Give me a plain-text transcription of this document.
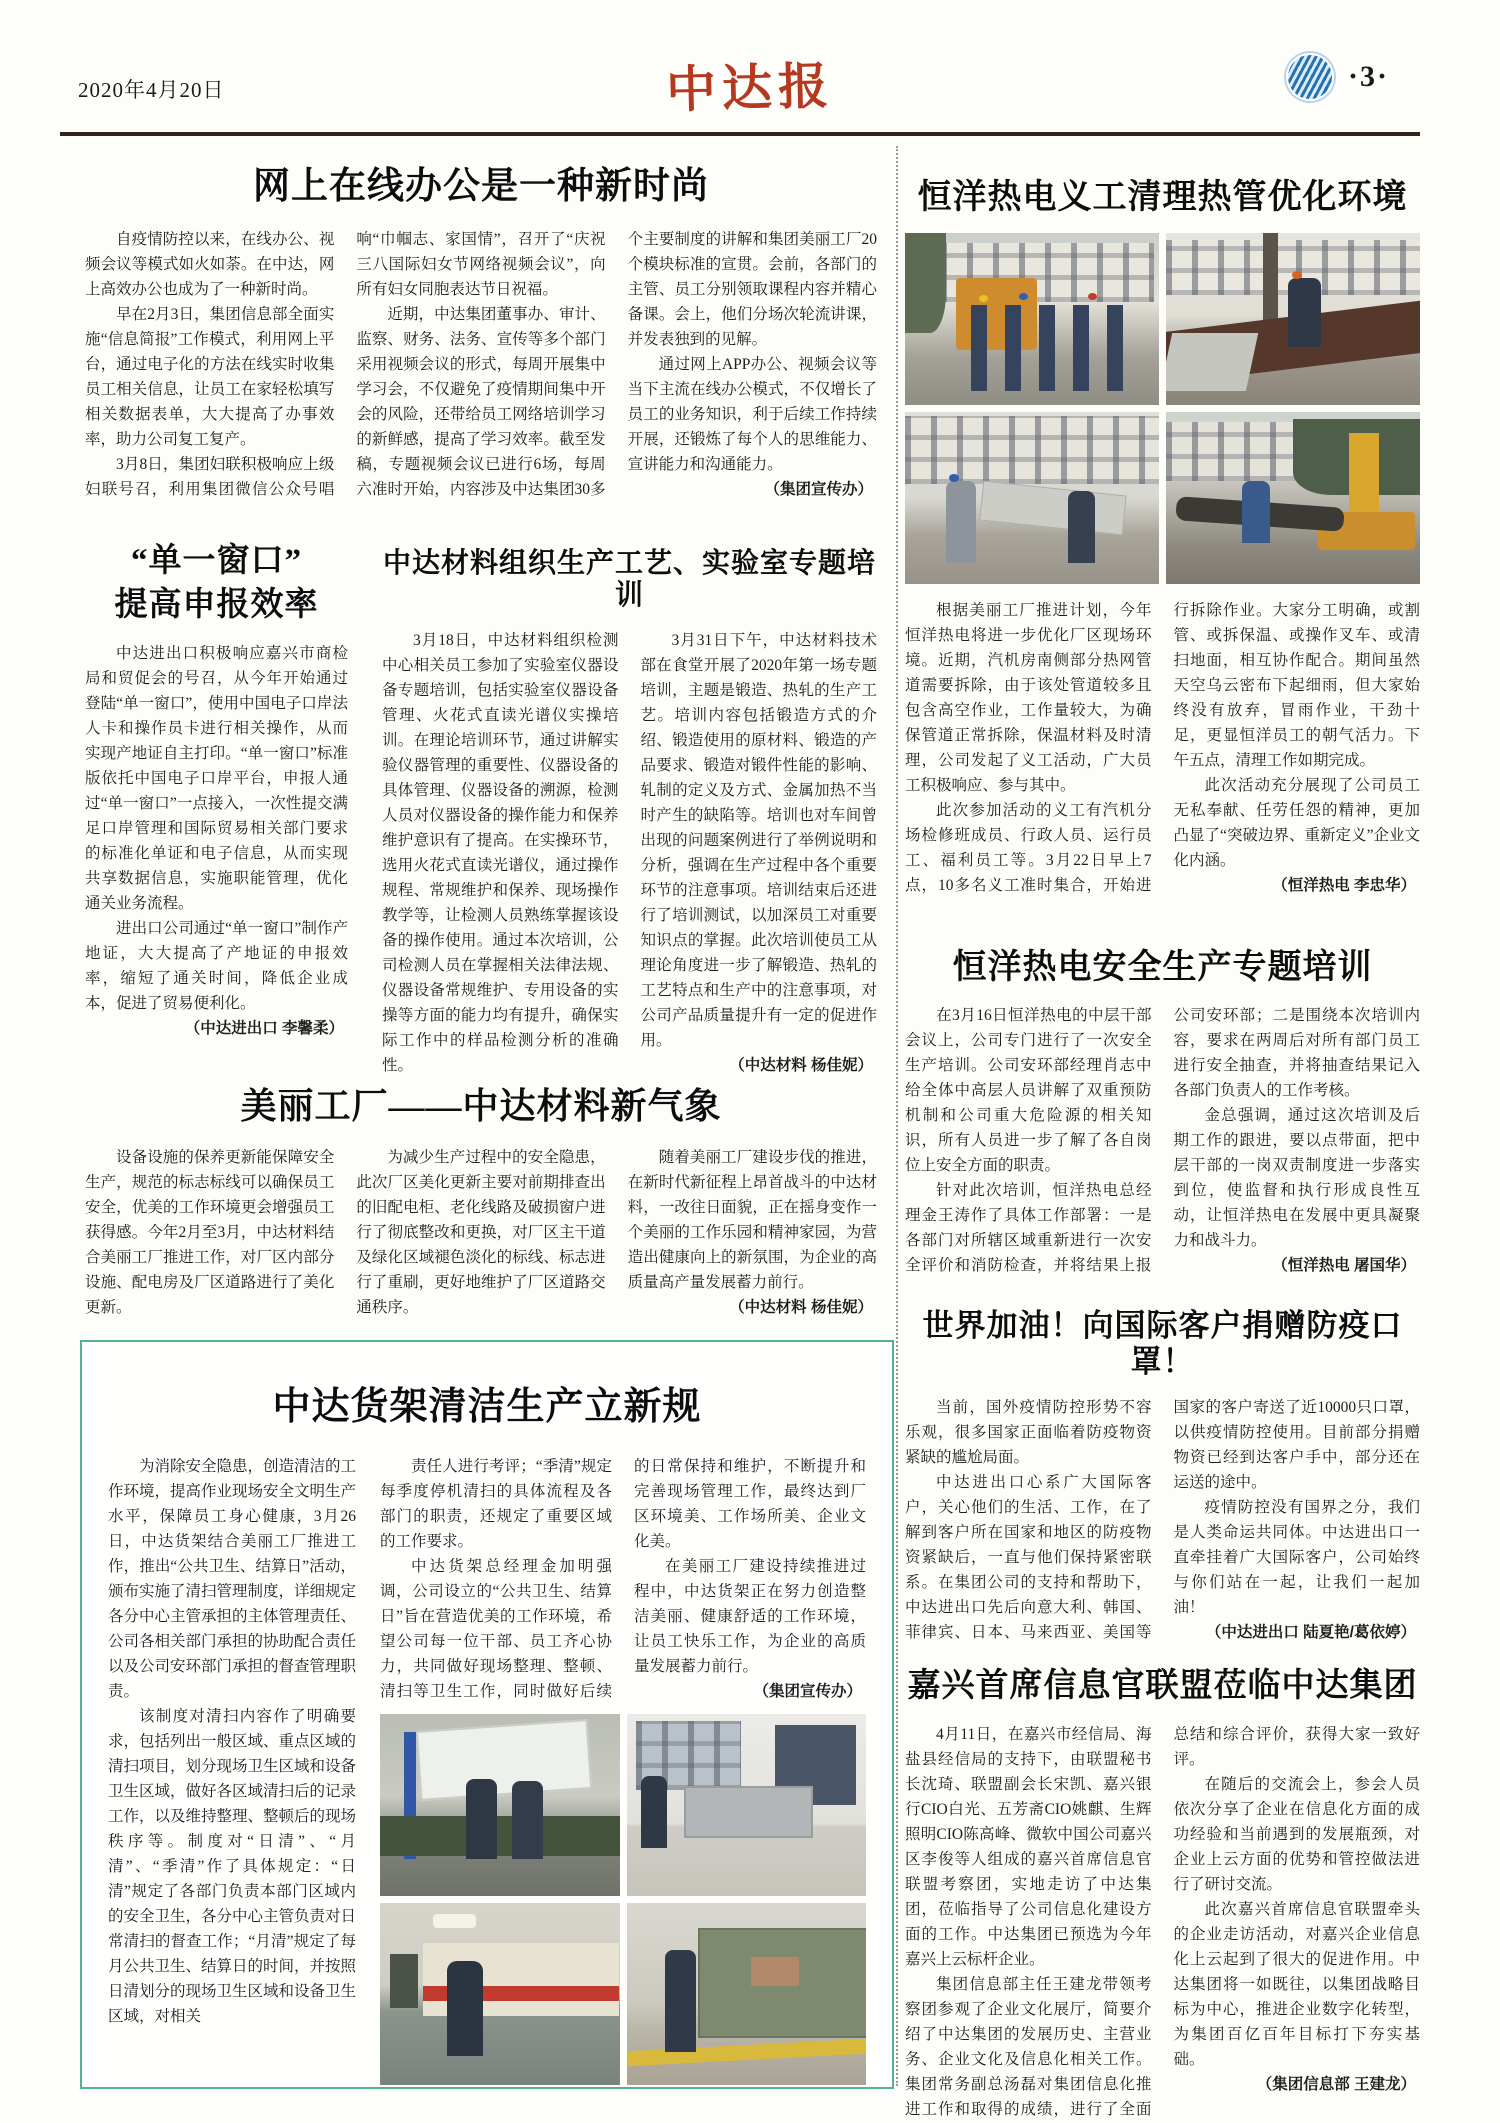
2020年4月20日	中达报	·3·
网上在线办公是一种新时尚

自疫情防控以来，在线办公、视频会议等模式如火如荼。在中达，网上高效办公也成为了一种新时尚。

早在2月3日，集团信息部全面实施“信息简报”工作模式，利用网上平台，通过电子化的方法在线实时收集员工相关信息，让员工在家轻松填写相关数据表单，大大提高了办事效率，助力公司复工复产。

3月8日，集团妇联积极响应上级妇联号召，利用集团微信公众号唱响“巾帼志、家国情”，召开了“庆祝三八国际妇女节网络视频会议”，向所有妇女同胞表达节日祝福。

近期，中达集团董事办、审计、监察、财务、法务、宣传等多个部门采用视频会议的形式，每周开展集中学习会，不仅避免了疫情期间集中开会的风险，还带给员工网络培训学习的新鲜感，提高了学习效率。截至发稿，专题视频会议已进行6场，每周六准时开始，内容涉及中达集团30多个主要制度的讲解和集团美丽工厂20个模块标准的宣贯。会前，各部门的主管、员工分别领取课程内容并精心备课。会上，他们分场次轮流讲课，并发表独到的见解。

通过网上APP办公、视频会议等当下主流在线办公模式，不仅增长了员工的业务知识，利于后续工作持续开展，还锻炼了每个人的思维能力、宣讲能力和沟通能力。

（集团宣传办）

“单一窗口”
提高申报效率

中达进出口积极响应嘉兴市商检局和贸促会的号召，从今年开始通过登陆“单一窗口”，使用中国电子口岸法人卡和操作员卡进行相关操作，从而实现产地证自主打印。“单一窗口”标准版依托中国电子口岸平台，申报人通过“单一窗口”一点接入，一次性提交满足口岸管理和国际贸易相关部门要求的标准化单证和电子信息，从而实现共享数据信息，实施职能管理，优化通关业务流程。

进出口公司通过“单一窗口”制作产地证，大大提高了产地证的申报效率，缩短了通关时间，降低企业成本，促进了贸易便利化。

（中达进出口 李馨柔）

中达材料组织生产工艺、实验室专题培训

3月18日，中达材料组织检测中心相关员工参加了实验室仪器设备专题培训，包括实验室仪器设备管理、火花式直读光谱仪实操培训。在理论培训环节，通过讲解实验仪器管理的重要性、仪器设备的具体管理、仪器设备的溯源，检测人员对仪器设备的操作能力和保养维护意识有了提高。在实操环节，选用火花式直读光谱仪，通过操作规程、常规维护和保养、现场操作教学等，让检测人员熟练掌握该设备的操作使用。通过本次培训，公司检测人员在掌握相关法律法规、仪器设备常规维护、专用设备的实操等方面的能力均有提升，确保实际工作中的样品检测分析的准确性。

3月31日下午，中达材料技术部在食堂开展了2020年第一场专题培训，主题是锻造、热轧的生产工艺。培训内容包括锻造方式的介绍、锻造使用的原材料、锻造的产品要求、锻造对锻件性能的影响、轧制的定义及方式、金属加热不当时产生的缺陷等。培训也对车间曾出现的问题案例进行了举例说明和分析，强调在生产过程中各个重要环节的注意事项。培训结束后还进行了培训测试，以加深员工对重要知识点的掌握。此次培训使员工从理论角度进一步了解锻造、热轧的工艺特点和生产中的注意事项，对公司产品质量提升有一定的促进作用。

（中达材料 杨佳妮）

美丽工厂——中达材料新气象

设备设施的保养更新能保障安全生产，规范的标志标线可以确保员工安全，优美的工作环境更会增强员工获得感。今年2月至3月，中达材料结合美丽工厂推进工作，对厂区内部分设施、配电房及厂区道路进行了美化更新。

为减少生产过程中的安全隐患，此次厂区美化更新主要对前期排查出的旧配电柜、老化线路及破损窗户进行了彻底整改和更换，对厂区主干道及绿化区域褪色淡化的标线、标志进行了重刷，更好地维护了厂区道路交通秩序。

随着美丽工厂建设步伐的推进，在新时代新征程上昂首战斗的中达材料，一改往日面貌，正在摇身变作一个美丽的工作乐园和精神家园，为营造出健康向上的新氛围，为企业的高质量高产量发展蓄力前行。

（中达材料 杨佳妮）

中达货架清洁生产立新规

为消除安全隐患，创造清洁的工作环境，提高作业现场安全文明生产水平，保障员工身心健康，3月26日，中达货架结合美丽工厂推进工作，推出“公共卫生、结算日”活动，颁布实施了清扫管理制度，详细规定各分中心主管承担的主体管理责任、公司各相关部门承担的协助配合责任以及公司安环部门承担的督查管理职责。

该制度对清扫内容作了明确要求，包括列出一般区域、重点区域的清扫项目，划分现场卫生区域和设备卫生区域，做好各区域清扫后的记录工作，以及维持整理、整顿后的现场秩序等。制度对“日清”、“月清”、“季清”作了具体规定：“日清”规定了各部门负责本部门区域内的安全卫生，各分中心主管负责对日常清扫的督查工作；“月清”规定了每月公共卫生、结算日的时间，并按照日清划分的现场卫生区域和设备卫生区域，对相关

责任人进行考评；“季清”规定每季度停机清扫的具体流程及各部门的职责，还规定了重要区域的工作要求。

中达货架总经理金加明强调，公司设立的“公共卫生、结算日”旨在营造优美的工作环境，希望公司每一位干部、员工齐心协力，共同做好现场整理、整顿、清扫等卫生工作，同时做好后续的日常保持和维护，不断提升和完善现场管理工作，最终达到厂区环境美、工作场所美、企业文化美。

在美丽工厂建设持续推进过程中，中达货架正在努力创造整洁美丽、健康舒适的工作环境，让员工快乐工作，为企业的高质量发展蓄力前行。

（集团宣传办）

恒洋热电义工清理热管优化环境

根据美丽工厂推进计划，今年恒洋热电将进一步优化厂区现场环境。近期，汽机房南侧部分热网管道需要拆除，由于该处管道较多且包含高空作业，工作量较大，为确保管道正常拆除，保温材料及时清理，公司发起了义工活动，广大员工积极响应、参与其中。

此次参加活动的义工有汽机分场检修班成员、行政人员、运行员工、福利员工等。3月22日早上7点，10多名义工准时集合，开始进行拆除作业。大家分工明确，或割管、或拆保温、或操作叉车、或清扫地面，相互协作配合。期间虽然天空乌云密布下起细雨，但大家始终没有放弃，冒雨作业，干劲十足，更显恒洋员工的朝气活力。下午五点，清理工作如期完成。

此次活动充分展现了公司员工无私奉献、任劳任怨的精神，更加凸显了“突破边界、重新定义”企业文化内涵。

（恒洋热电 李忠华）

恒洋热电安全生产专题培训

在3月16日恒洋热电的中层干部会议上，公司专门进行了一次安全生产培训。公司安环部经理肖志中给全体中高层人员讲解了双重预防机制和公司重大危险源的相关知识，所有人员进一步了解了各自岗位上安全方面的职责。

针对此次培训，恒洋热电总经理金王涛作了具体工作部署：一是各部门对所辖区域重新进行一次安全评价和消防检查，并将结果上报公司安环部；二是围绕本次培训内容，要求在两周后对所有部门员工进行安全抽查，并将抽查结果记入各部门负责人的工作考核。

金总强调，通过这次培训及后期工作的跟进，要以点带面，把中层干部的一岗双责制度进一步落实到位，使监督和执行形成良性互动，让恒洋热电在发展中更具凝聚力和战斗力。

（恒洋热电 屠国华）

世界加油！向国际客户捐赠防疫口罩！

当前，国外疫情防控形势不容乐观，很多国家正面临着防疫物资紧缺的尴尬局面。

中达进出口心系广大国际客户，关心他们的生活、工作，在了解到客户所在国家和地区的防疫物资紧缺后，一直与他们保持紧密联系。在集团公司的支持和帮助下，中达进出口先后向意大利、韩国、菲律宾、日本、马来西亚、美国等国家的客户寄送了近10000只口罩，以供疫情防控使用。目前部分捐赠物资已经到达客户手中，部分还在运送的途中。

疫情防控没有国界之分，我们是人类命运共同体。中达进出口一直牵挂着广大国际客户，公司始终与你们站在一起，让我们一起加油！

（中达进出口 陆夏艳/葛依婷）

嘉兴首席信息官联盟莅临中达集团

4月11日，在嘉兴市经信局、海盐县经信局的支持下，由联盟秘书长沈琦、联盟副会长宋凯、嘉兴银行CIO白光、五芳斋CIO姚麒、生辉照明CIO陈高峰、微软中国公司嘉兴区李俊等人组成的嘉兴首席信息官联盟考察团，实地走访了中达集团，莅临指导了公司信息化建设方面的工作。中达集团已预选为今年嘉兴上云标杆企业。

集团信息部主任王建龙带领考察团参观了企业文化展厅，简要介绍了中达集团的发展历史、主营业务、企业文化及信息化相关工作。集团常务副总汤磊对集团信息化推进工作和取得的成绩，进行了全面总结和综合评价，获得大家一致好评。

在随后的交流会上，参会人员依次分享了企业在信息化方面的成功经验和当前遇到的发展瓶颈，对企业上云方面的优势和管控做法进行了研讨交流。

此次嘉兴首席信息官联盟牵头的企业走访活动，对嘉兴企业信息化上云起到了很大的促进作用。中达集团将一如既往，以集团战略目标为中心，推进企业数字化转型，为集团百亿百年目标打下夯实基础。

（集团信息部 王建龙）
